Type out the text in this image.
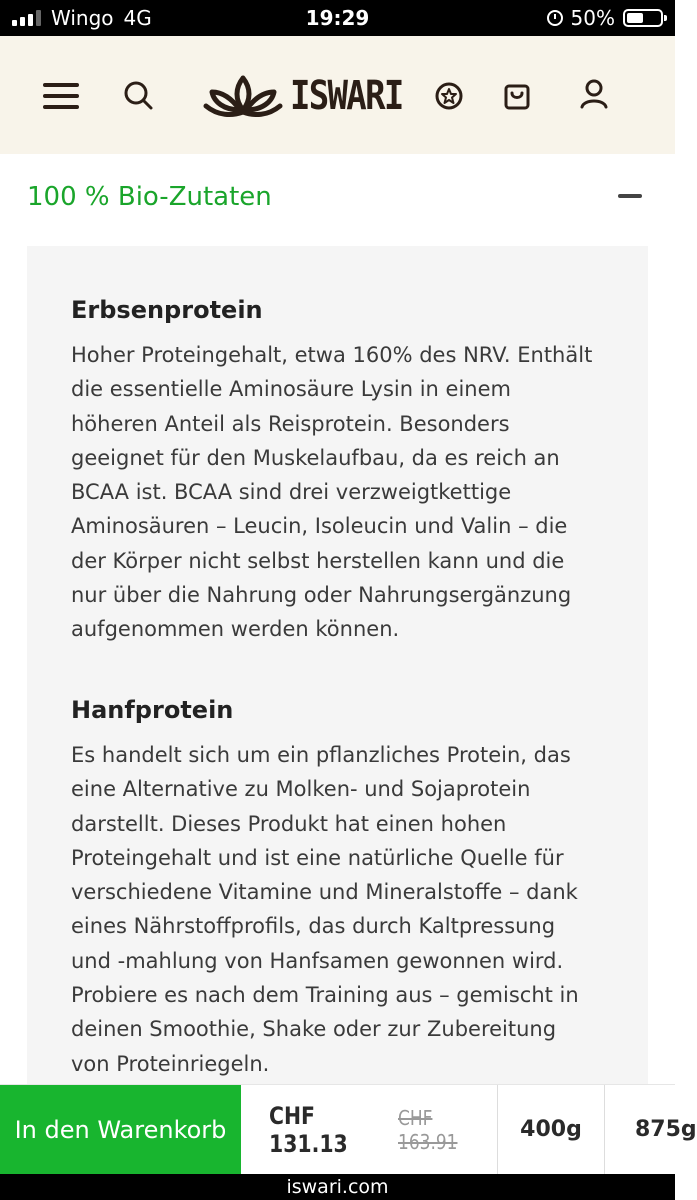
Wingo 4G	19:29	50%
ISWARI
100 % Bio-Zutaten
Erbsenprotein
Hoher Proteingehalt, etwa 160% des NRV. Enthält
die essentielle Aminosäure Lysin in einem
höheren Anteil als Reisprotein. Besonders
geeignet für den Muskelaufbau, da es reich an
BCAA ist. BCAA sind drei verzweigtkettige
Aminosäuren – Leucin, Isoleucin und Valin – die
der Körper nicht selbst herstellen kann und die
nur über die Nahrung oder Nahrungsergänzung
aufgenommen werden können.
Hanfprotein
Es handelt sich um ein pflanzliches Protein, das
eine Alternative zu Molken- und Sojaprotein
darstellt. Dieses Produkt hat einen hohen
Proteingehalt und ist eine natürliche Quelle für
verschiedene Vitamine und Mineralstoffe – dank
eines Nährstoffprofils, das durch Kaltpressung
und -mahlung von Hanfsamen gewonnen wird.
Probiere es nach dem Training aus – gemischt in
deinen Smoothie, Shake oder zur Zubereitung
von Proteinriegeln.
In den Warenkorb	CHF 131.13
CHF 163.91	400g	875g
iswari.com
